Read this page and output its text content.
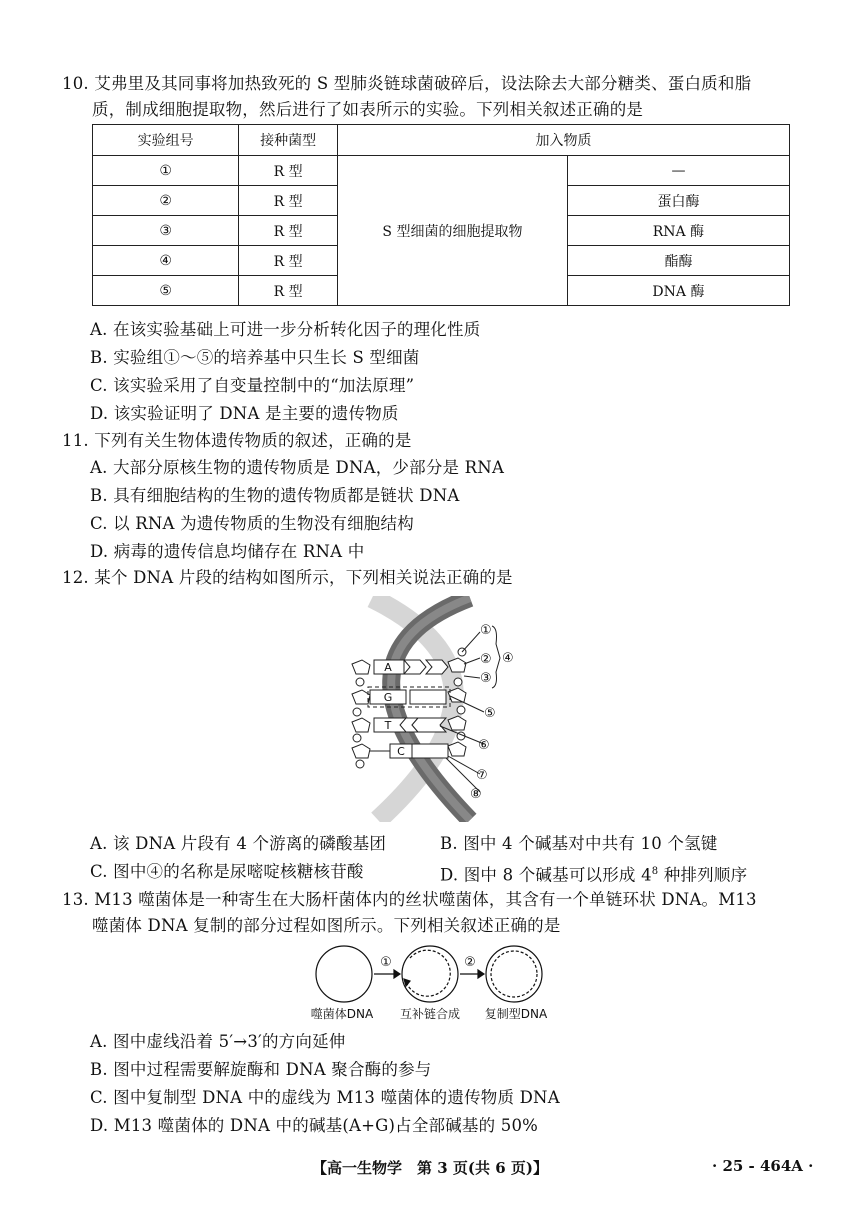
10. 艾弗里及其同事将加热致死的 S 型肺炎链球菌破碎后，设法除去大部分糖类、蛋白质和脂
质，制成细胞提取物，然后进行了如表所示的实验。下列相关叙述正确的是
实验组号	接种菌型	加入物质	
①	R 型	S 型细菌的细胞提取物	—
②	R 型		蛋白酶
③	R 型		RNA 酶
④	R 型		酯酶
⑤	R 型		DNA 酶
A. 在该实验基础上可进一步分析转化因子的理化性质
B. 实验组①～⑤的培养基中只生长 S 型细菌
C. 该实验采用了自变量控制中的“加法原理”
D. 该实验证明了 DNA 是主要的遗传物质
11. 下列有关生物体遗传物质的叙述，正确的是
A. 大部分原核生物的遗传物质是 DNA，少部分是 RNA
B. 具有细胞结构的生物的遗传物质都是链状 DNA
C. 以 RNA 为遗传物质的生物没有细胞结构
D. 病毒的遗传信息均储存在 RNA 中
12. 某个 DNA 片段的结构如图所示，下列相关说法正确的是
A
G
T
C
①
②
③
④
⑤
⑥
⑦
⑧
A. 该 DNA 片段有 4 个游离的磷酸基团	B. 图中 4 个碱基对中共有 10 个氢键
C. 图中④的名称是尿嘧啶核糖核苷酸	D. 图中 8 个碱基可以形成 $4^8$ 种排列顺序
13. M13 噬菌体是一种寄生在大肠杆菌体内的丝状噬菌体，其含有一个单链环状 DNA。M13
噬菌体 DNA 复制的部分过程如图所示。下列相关叙述正确的是
①	②
噬菌体DNA 互补链合成 复制型DNA
A. 图中虚线沿着 5′→3′的方向延伸
B. 图中过程需要解旋酶和 DNA 聚合酶的参与
C. 图中复制型 DNA 中的虚线为 M13 噬菌体的遗传物质 DNA
D. M13 噬菌体的 DNA 中的碱基(A+G)占全部碱基的 50%
【高一生物学　第 3 页(共 6 页)】	· 25 - 464A ·
